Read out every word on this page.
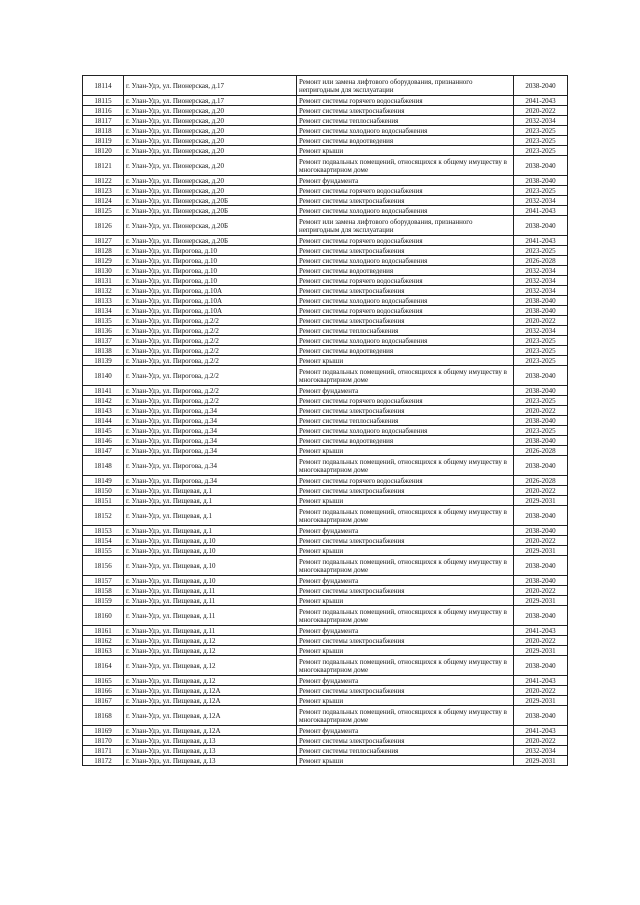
18114	г. Улан-Удэ, ул. Пионерская, д.17	Ремонт или замена лифтового оборудования, признанного непригодным для эксплуатации	2038-2040
18115	г. Улан-Удэ, ул. Пионерская, д.17	Ремонт системы горячего водоснабжения	2041-2043
18116	г. Улан-Удэ, ул. Пионерская, д.20	Ремонт системы электроснабжения	2020-2022
18117	г. Улан-Удэ, ул. Пионерская, д.20	Ремонт системы теплоснабжения	2032-2034
18118	г. Улан-Удэ, ул. Пионерская, д.20	Ремонт системы холодного водоснабжения	2023-2025
18119	г. Улан-Удэ, ул. Пионерская, д.20	Ремонт системы водоотведения	2023-2025
18120	г. Улан-Удэ, ул. Пионерская, д.20	Ремонт крыши	2023-2025
18121	г. Улан-Удэ, ул. Пионерская, д.20	Ремонт подвальных помещений, относящихся к общему имуществу в многоквартирном доме	2038-2040
18122	г. Улан-Удэ, ул. Пионерская, д.20	Ремонт фундамента	2038-2040
18123	г. Улан-Удэ, ул. Пионерская, д.20	Ремонт системы горячего водоснабжения	2023-2025
18124	г. Улан-Удэ, ул. Пионерская, д.20Б	Ремонт системы электроснабжения	2032-2034
18125	г. Улан-Удэ, ул. Пионерская, д.20Б	Ремонт системы холодного водоснабжения	2041-2043
18126	г. Улан-Удэ, ул. Пионерская, д.20Б	Ремонт или замена лифтового оборудования, признанного непригодным для эксплуатации	2038-2040
18127	г. Улан-Удэ, ул. Пионерская, д.20Б	Ремонт системы горячего водоснабжения	2041-2043
18128	г. Улан-Удэ, ул. Пирогова, д.10	Ремонт системы электроснабжения	2023-2025
18129	г. Улан-Удэ, ул. Пирогова, д.10	Ремонт системы холодного водоснабжения	2026-2028
18130	г. Улан-Удэ, ул. Пирогова, д.10	Ремонт системы водоотведения	2032-2034
18131	г. Улан-Удэ, ул. Пирогова, д.10	Ремонт системы горячего водоснабжения	2032-2034
18132	г. Улан-Удэ, ул. Пирогова, д.10А	Ремонт системы электроснабжения	2032-2034
18133	г. Улан-Удэ, ул. Пирогова, д.10А	Ремонт системы холодного водоснабжения	2038-2040
18134	г. Улан-Удэ, ул. Пирогова, д.10А	Ремонт системы горячего водоснабжения	2038-2040
18135	г. Улан-Удэ, ул. Пирогова, д.2/2	Ремонт системы электроснабжения	2020-2022
18136	г. Улан-Удэ, ул. Пирогова, д.2/2	Ремонт системы теплоснабжения	2032-2034
18137	г. Улан-Удэ, ул. Пирогова, д.2/2	Ремонт системы холодного водоснабжения	2023-2025
18138	г. Улан-Удэ, ул. Пирогова, д.2/2	Ремонт системы водоотведения	2023-2025
18139	г. Улан-Удэ, ул. Пирогова, д.2/2	Ремонт крыши	2023-2025
18140	г. Улан-Удэ, ул. Пирогова, д.2/2	Ремонт подвальных помещений, относящихся к общему имуществу в многоквартирном доме	2038-2040
18141	г. Улан-Удэ, ул. Пирогова, д.2/2	Ремонт фундамента	2038-2040
18142	г. Улан-Удэ, ул. Пирогова, д.2/2	Ремонт системы горячего водоснабжения	2023-2025
18143	г. Улан-Удэ, ул. Пирогова, д.34	Ремонт системы электроснабжения	2020-2022
18144	г. Улан-Удэ, ул. Пирогова, д.34	Ремонт системы теплоснабжения	2038-2040
18145	г. Улан-Удэ, ул. Пирогова, д.34	Ремонт системы холодного водоснабжения	2023-2025
18146	г. Улан-Удэ, ул. Пирогова, д.34	Ремонт системы водоотведения	2038-2040
18147	г. Улан-Удэ, ул. Пирогова, д.34	Ремонт крыши	2026-2028
18148	г. Улан-Удэ, ул. Пирогова, д.34	Ремонт подвальных помещений, относящихся к общему имуществу в многоквартирном доме	2038-2040
18149	г. Улан-Удэ, ул. Пирогова, д.34	Ремонт системы горячего водоснабжения	2026-2028
18150	г. Улан-Удэ, ул. Пищевая, д.1	Ремонт системы электроснабжения	2020-2022
18151	г. Улан-Удэ, ул. Пищевая, д.1	Ремонт крыши	2029-2031
18152	г. Улан-Удэ, ул. Пищевая, д.1	Ремонт подвальных помещений, относящихся к общему имуществу в многоквартирном доме	2038-2040
18153	г. Улан-Удэ, ул. Пищевая, д.1	Ремонт фундамента	2038-2040
18154	г. Улан-Удэ, ул. Пищевая, д.10	Ремонт системы электроснабжения	2020-2022
18155	г. Улан-Удэ, ул. Пищевая, д.10	Ремонт крыши	2029-2031
18156	г. Улан-Удэ, ул. Пищевая, д.10	Ремонт подвальных помещений, относящихся к общему имуществу в многоквартирном доме	2038-2040
18157	г. Улан-Удэ, ул. Пищевая, д.10	Ремонт фундамента	2038-2040
18158	г. Улан-Удэ, ул. Пищевая, д.11	Ремонт системы электроснабжения	2020-2022
18159	г. Улан-Удэ, ул. Пищевая, д.11	Ремонт крыши	2029-2031
18160	г. Улан-Удэ, ул. Пищевая, д.11	Ремонт подвальных помещений, относящихся к общему имуществу в многоквартирном доме	2038-2040
18161	г. Улан-Удэ, ул. Пищевая, д.11	Ремонт фундамента	2041-2043
18162	г. Улан-Удэ, ул. Пищевая, д.12	Ремонт системы электроснабжения	2020-2022
18163	г. Улан-Удэ, ул. Пищевая, д.12	Ремонт крыши	2029-2031
18164	г. Улан-Удэ, ул. Пищевая, д.12	Ремонт подвальных помещений, относящихся к общему имуществу в многоквартирном доме	2038-2040
18165	г. Улан-Удэ, ул. Пищевая, д.12	Ремонт фундамента	2041-2043
18166	г. Улан-Удэ, ул. Пищевая, д.12А	Ремонт системы электроснабжения	2020-2022
18167	г. Улан-Удэ, ул. Пищевая, д.12А	Ремонт крыши	2029-2031
18168	г. Улан-Удэ, ул. Пищевая, д.12А	Ремонт подвальных помещений, относящихся к общему имуществу в многоквартирном доме	2038-2040
18169	г. Улан-Удэ, ул. Пищевая, д.12А	Ремонт фундамента	2041-2043
18170	г. Улан-Удэ, ул. Пищевая, д.13	Ремонт системы электроснабжения	2020-2022
18171	г. Улан-Удэ, ул. Пищевая, д.13	Ремонт системы теплоснабжения	2032-2034
18172	г. Улан-Удэ, ул. Пищевая, д.13	Ремонт крыши	2029-2031
